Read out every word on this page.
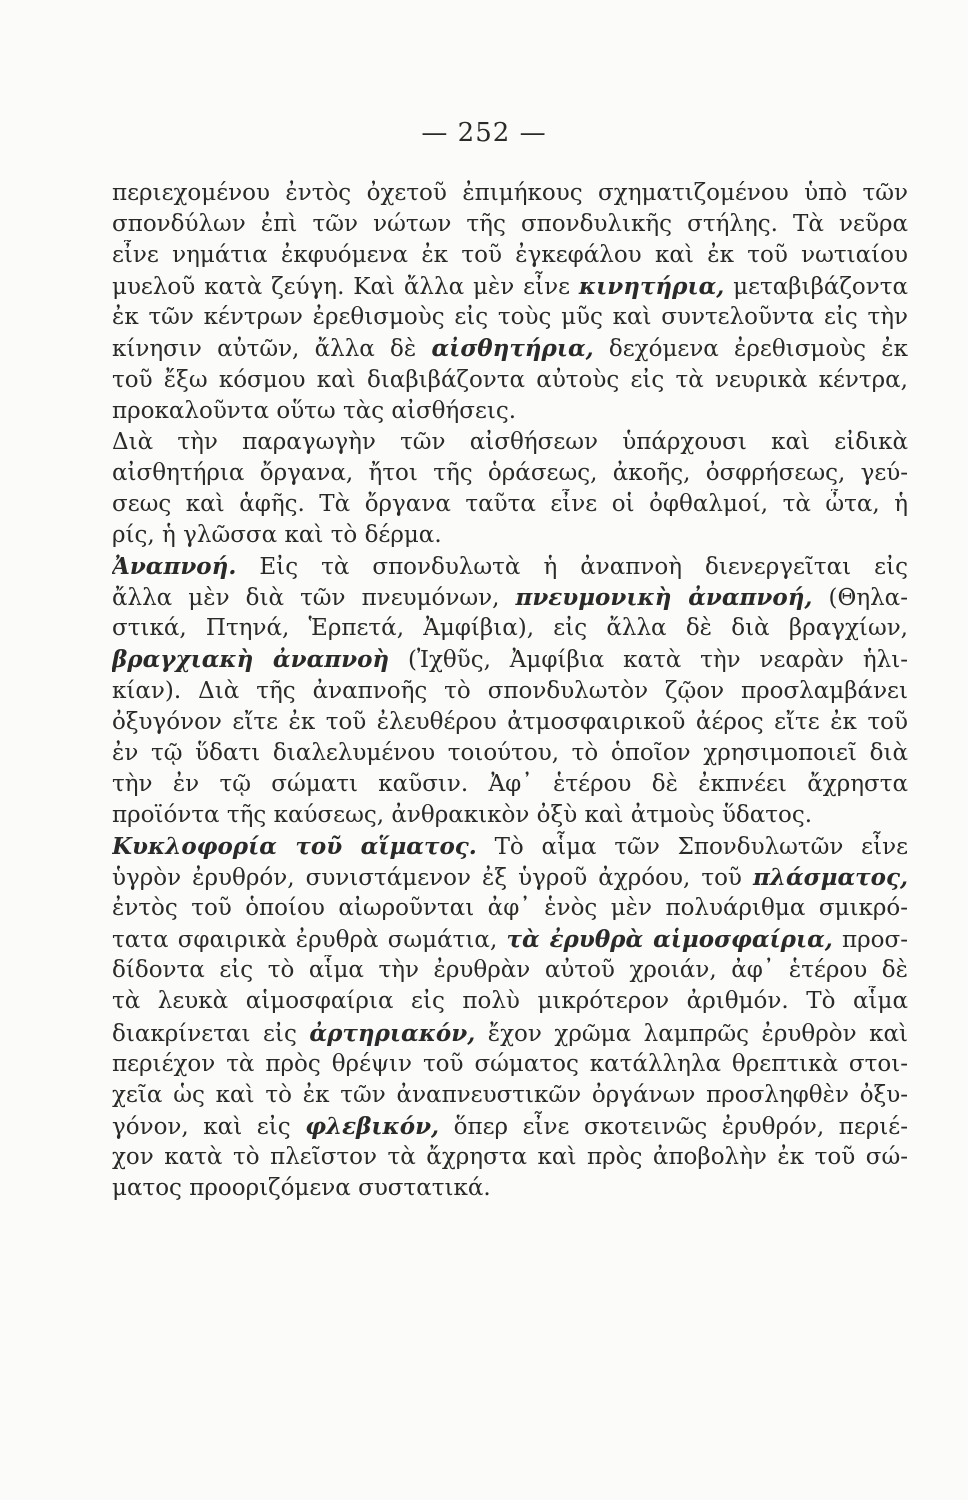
— 252 —
περιεχομένου ἐντὸς ὀχετοῦ ἐπιμήκους σχηματιζομένου ὑπὸ τῶν
σπονδύλων ἐπὶ τῶν νώτων τῆς σπονδυλικῆς στήλης. Τὰ νεῦρα
εἶνε νημάτια ἐκφυόμενα ἐκ τοῦ ἐγκεφάλου καὶ ἐκ τοῦ νωτιαίου
μυελοῦ κατὰ ζεύγη. Καὶ ἄλλα μὲν εἶνε κινητήρια, μεταβιβάζοντα
ἐκ τῶν κέντρων ἐρεθισμοὺς εἰς τοὺς μῦς καὶ συντελοῦντα εἰς τὴν
κίνησιν αὐτῶν, ἄλλα δὲ αἰσθητήρια, δεχόμενα ἐρεθισμοὺς ἐκ
τοῦ ἔξω κόσμου καὶ διαβιβάζοντα αὐτοὺς εἰς τὰ νευρικὰ κέντρα,
προκαλοῦντα οὕτω τὰς αἰσθήσεις.
Διὰ τὴν παραγωγὴν τῶν αἰσθήσεων ὑπάρχουσι καὶ εἰδικὰ
αἰσθητήρια ὄργανα, ἤτοι τῆς ὁράσεως, ἀκοῆς, ὀσφρήσεως, γεύ-
σεως καὶ ἁφῆς. Τὰ ὄργανα ταῦτα εἶνε οἱ ὀφθαλμοί, τὰ ὦτα, ἡ
ρίς, ἡ γλῶσσα καὶ τὸ δέρμα.
Ἀναπνοή. Εἰς τὰ σπονδυλωτὰ ἡ ἀναπνοὴ διενεργεῖται εἰς
ἄλλα μὲν διὰ τῶν πνευμόνων, πνευμονικὴ ἀναπνοή, (Θηλα-
στικά, Πτηνά, Ἑρπετά, Ἀμφίβια), εἰς ἄλλα δὲ διὰ βραγχίων,
βραγχιακὴ ἀναπνοὴ (Ἰχθῦς, Ἀμφίβια κατὰ τὴν νεαρὰν ἡλι-
κίαν). Διὰ τῆς ἀναπνοῆς τὸ σπονδυλωτὸν ζῷον προσλαμβάνει
ὀξυγόνον εἴτε ἐκ τοῦ ἐλευθέρου ἀτμοσφαιρικοῦ ἀέρος εἴτε ἐκ τοῦ
ἐν τῷ ὕδατι διαλελυμένου τοιούτου, τὸ ὁποῖον χρησιμοποιεῖ διὰ
τὴν ἐν τῷ σώματι καῦσιν. Ἀφ᾽ ἑτέρου δὲ ἐκπνέει ἄχρηστα
προϊόντα τῆς καύσεως, ἀνθρακικὸν ὀξὺ καὶ ἀτμοὺς ὕδατος.
Κυκλοφορία τοῦ αἵματος. Τὸ αἷμα τῶν Σπονδυλωτῶν εἶνε
ὑγρὸν ἐρυθρόν, συνιστάμενον ἐξ ὑγροῦ ἀχρόου, τοῦ πλάσματος,
ἐντὸς τοῦ ὁποίου αἰωροῦνται ἀφ᾽ ἑνὸς μὲν πολυάριθμα σμικρό-
τατα σφαιρικὰ ἐρυθρὰ σωμάτια, τὰ ἐρυθρὰ αἱμοσφαίρια, προσ-
δίδοντα εἰς τὸ αἷμα τὴν ἐρυθρὰν αὐτοῦ χροιάν, ἀφ᾽ ἑτέρου δὲ
τὰ λευκὰ αἱμοσφαίρια εἰς πολὺ μικρότερον ἀριθμόν. Τὸ αἷμα
διακρίνεται εἰς ἀρτηριακόν, ἔχον χρῶμα λαμπρῶς ἐρυθρὸν καὶ
περιέχον τὰ πρὸς θρέψιν τοῦ σώματος κατάλληλα θρεπτικὰ στοι-
χεῖα ὡς καὶ τὸ ἐκ τῶν ἀναπνευστικῶν ὀργάνων προσληφθὲν ὀξυ-
γόνον, καὶ εἰς φλεβικόν, ὅπερ εἶνε σκοτεινῶς ἐρυθρόν, περιέ-
χον κατὰ τὸ πλεῖστον τὰ ἄχρηστα καὶ πρὸς ἀποβολὴν ἐκ τοῦ σώ-
ματος προοριζόμενα συστατικά.
